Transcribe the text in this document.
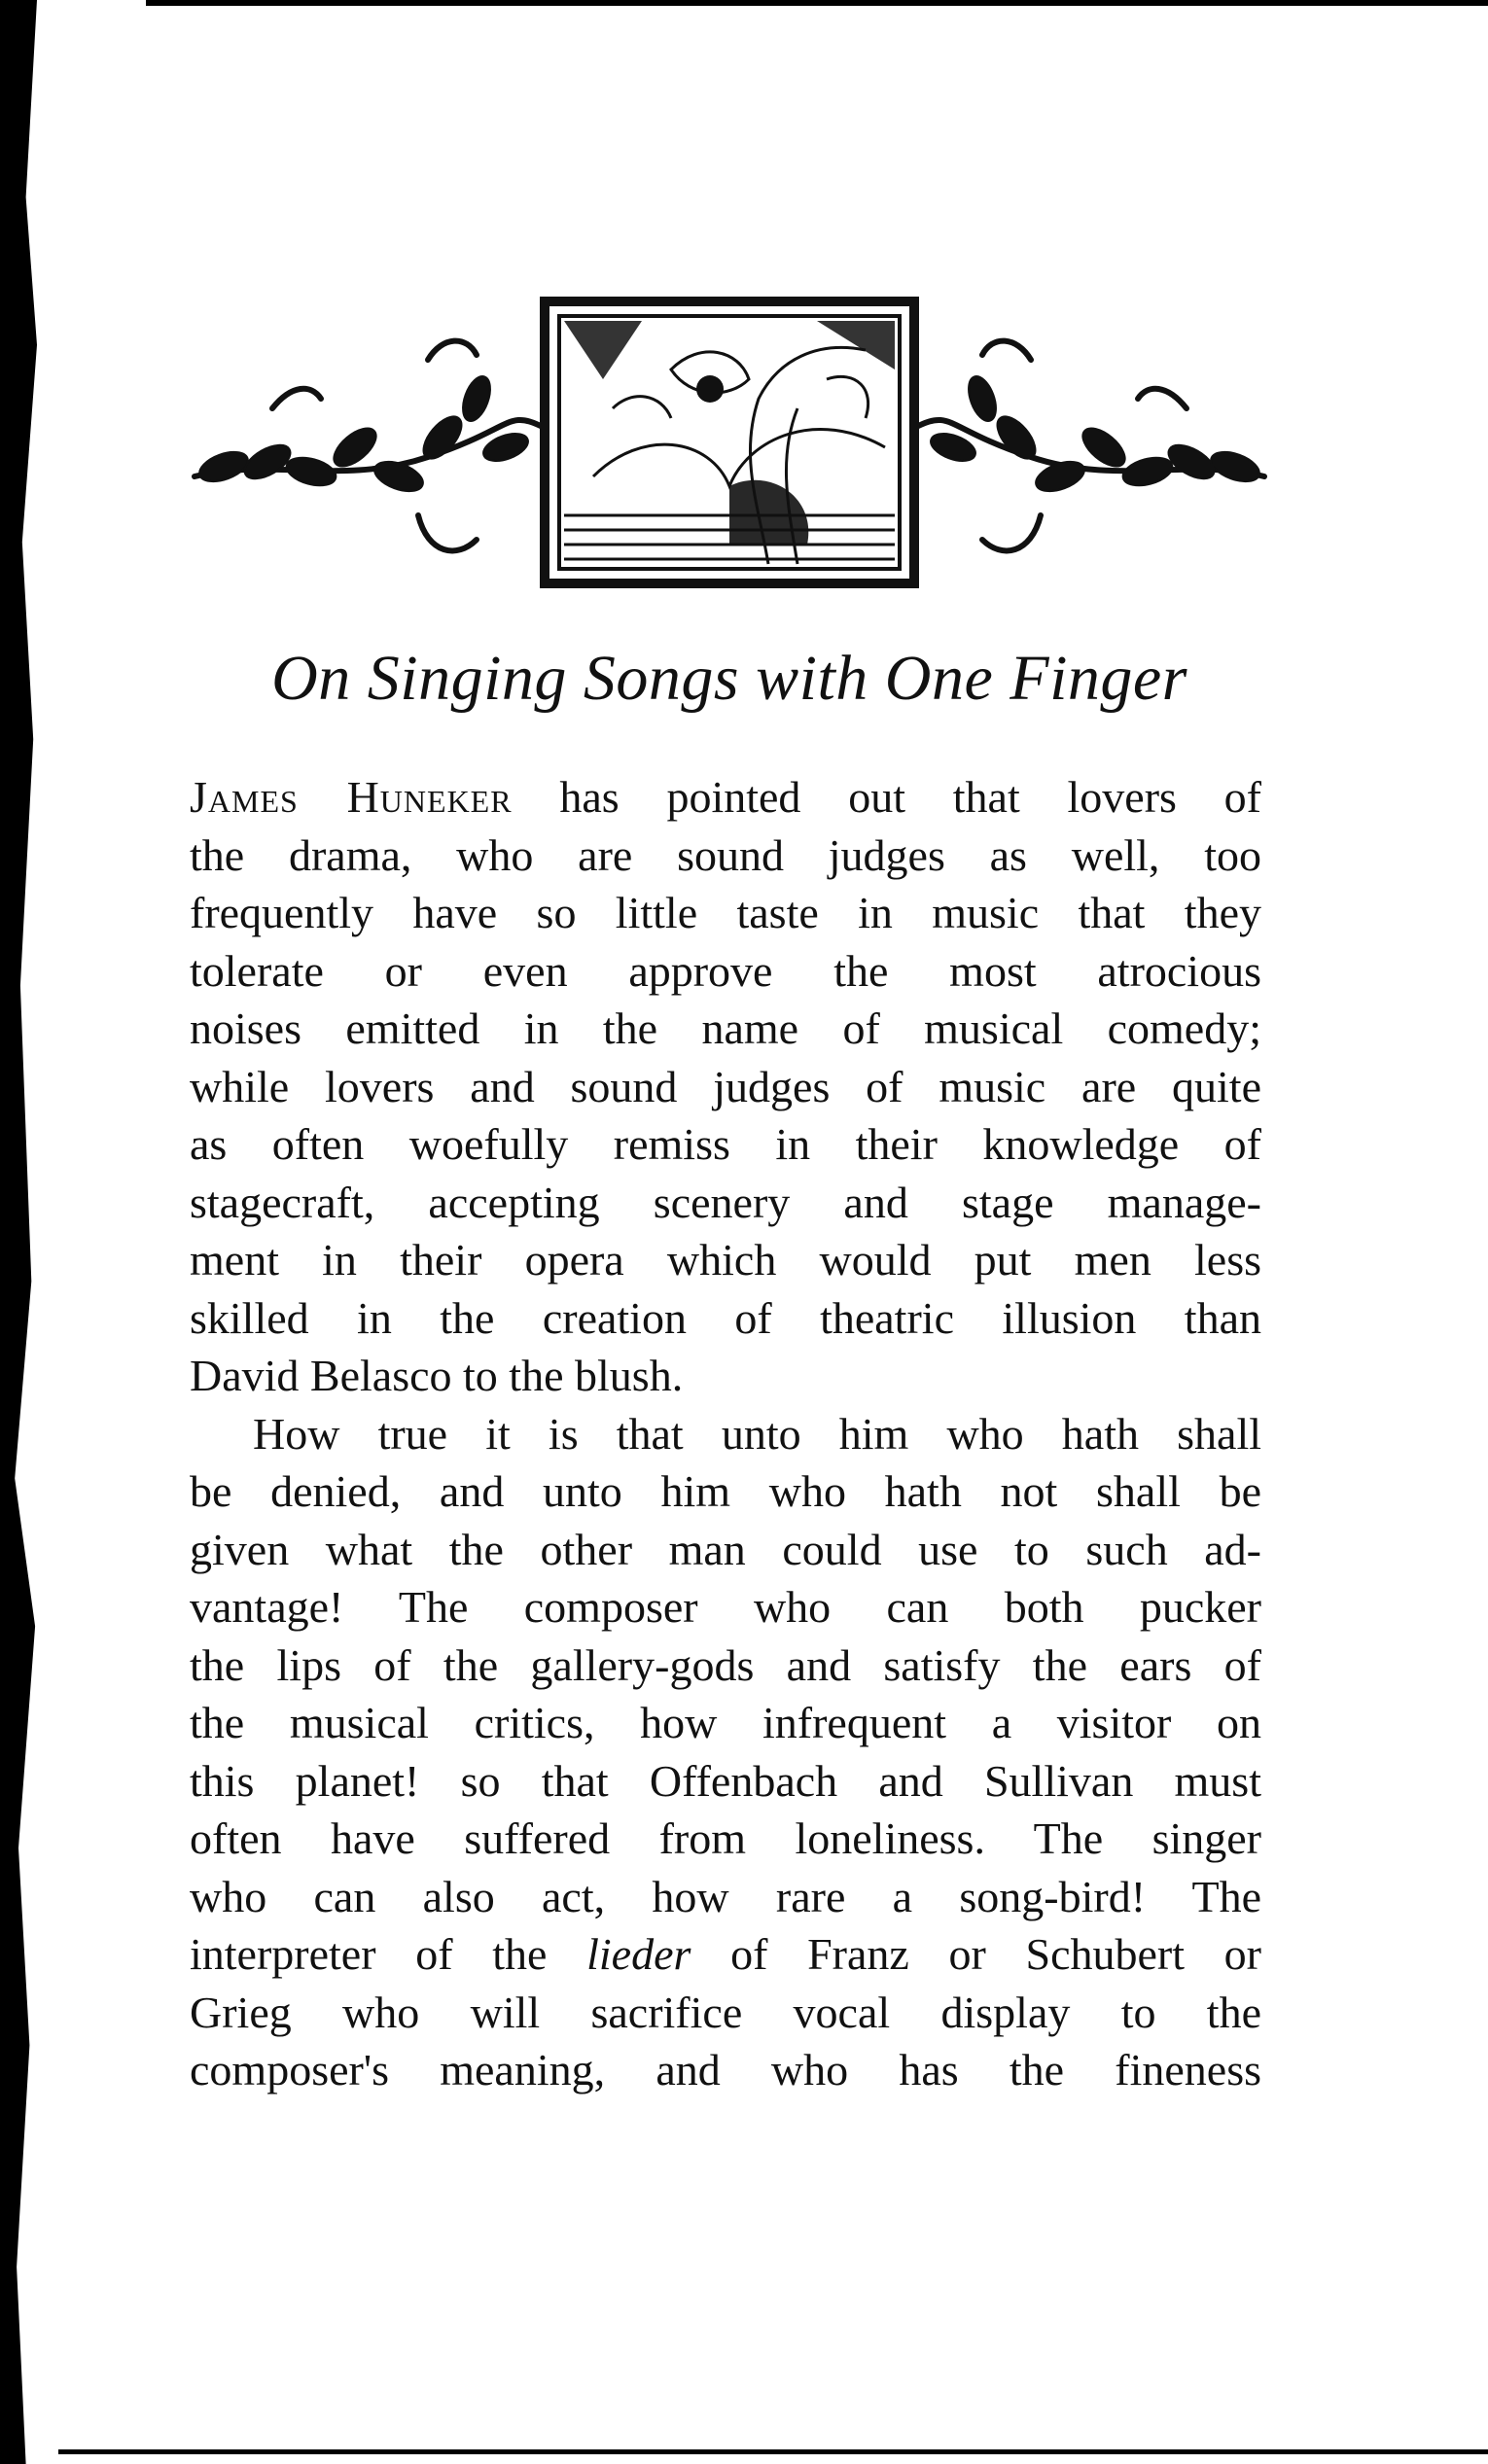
On Singing Songs with One Finger

James Huneker has pointed out that lovers of

the drama, who are sound judges as well, too

frequently have so little taste in music that they

tolerate or even approve the most atrocious

noises emitted in the name of musical comedy;

while lovers and sound judges of music are quite

as often woefully remiss in their knowledge of

stagecraft, accepting scenery and stage manage-

ment in their opera which would put men less

skilled in the creation of theatric illusion than

David Belasco to the blush.

How true it is that unto him who hath shall

be denied, and unto him who hath not shall be

given what the other man could use to such ad-

vantage! The composer who can both pucker

the lips of the gallery-gods and satisfy the ears of

the musical critics, how infrequent a visitor on

this planet! so that Offenbach and Sullivan must

often have suffered from loneliness. The singer

who can also act, how rare a song-bird! The

interpreter of the lieder of Franz or Schubert or

Grieg who will sacrifice vocal display to the

composer's meaning, and who has the fineness
